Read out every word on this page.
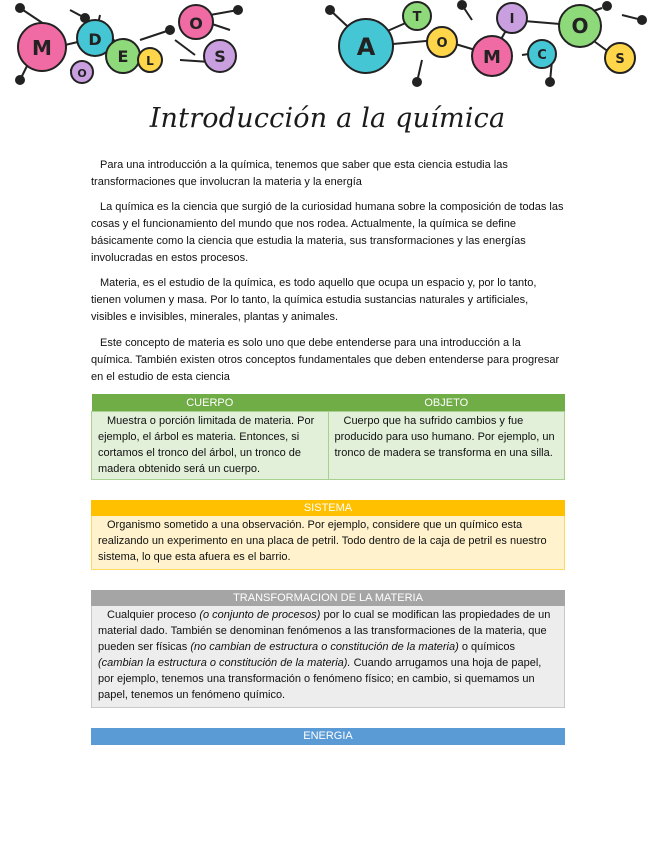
M D
O
E L
O
S	A
T
O
I
M	C
O
S
Introducción a la química

Para una introducción a la química, tenemos que saber que esta ciencia estudia las transformaciones que involucran la materia y la energía

La química es la ciencia que surgió de la curiosidad humana sobre la composición de todas las cosas y el funcionamiento del mundo que nos rodea. Actualmente, la química se define básicamente como la ciencia que estudia la materia, sus transformaciones y las energías involucradas en estos procesos.

Materia, es el estudio de la química, es todo aquello que ocupa un espacio y, por lo tanto, tienen volumen y masa. Por lo tanto, la química estudia sustancias naturales y artificiales, visibles e invisibles, minerales, plantas y animales.

Este concepto de materia es solo uno que debe entenderse para una introducción a la química. También existen otros conceptos fundamentales que deben entenderse para progresar en el estudio de esta ciencia

CUERPO	OBJETO
Muestra o porción limitada de materia. Por ejemplo, el árbol es materia. Entonces, si cortamos el tronco del árbol, un tronco de madera obtenido será un cuerpo.	Cuerpo que ha sufrido cambios y fue producido para uso humano. Por ejemplo, un tronco de madera se transforma en una silla.
SISTEMA
Organismo sometido a una observación. Por ejemplo, considere que un químico esta realizando un experimento en una placa de petril. Todo dentro de la caja de petril es nuestro sistema, lo que esta afuera es el barrio.
TRANSFORMACION DE LA MATERIA
Cualquier proceso (o conjunto de procesos) por lo cual se modifican las propiedades de un material dado. También se denominan fenómenos a las transformaciones de la materia, que pueden ser físicas (no cambian de estructura o constitución de la materia) o químicos (cambian la estructura o constitución de la materia). Cuando arrugamos una hoja de papel, por ejemplo, tenemos una transformación o fenómeno físico; en cambio, si quemamos un papel, tenemos un fenómeno químico.
ENERGIA
